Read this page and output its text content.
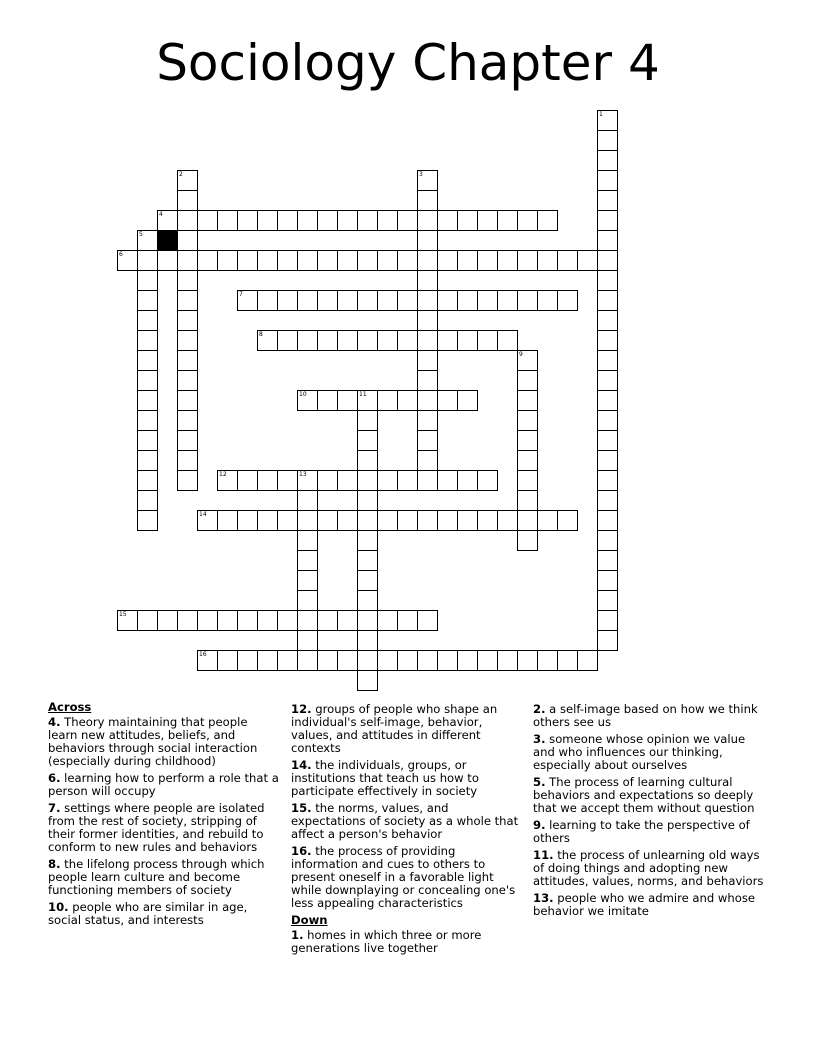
Sociology Chapter 4
1
2	3
4
5
6
7
8
9
10	11
12	13
14
15
16
Across
4. Theory maintaining that people learn new attitudes, beliefs, and behaviors through social interaction (especially during childhood)
6. learning how to perform a role that a person will occupy
7. settings where people are isolated from the rest of society, stripping of their former identities, and rebuild to conform to new rules and behaviors
8. the lifelong process through which people learn culture and become functioning members of society
10. people who are similar in age, social status, and interests
12. groups of people who shape an individual's self-image, behavior, values, and attitudes in different contexts
14. the individuals, groups, or institutions that teach us how to participate effectively in society
15. the norms, values, and expectations of society as a whole that affect a person's behavior
16. the process of providing information and cues to others to present oneself in a favorable light while downplaying or concealing one's less appealing characteristics
Down
1. homes in which three or more generations live together
2. a self-image based on how we think others see us
3. someone whose opinion we value and who influences our thinking, especially about ourselves
5. The process of learning cultural behaviors and expectations so deeply that we accept them without question
9. learning to take the perspective of others
11. the process of unlearning old ways of doing things and adopting new attitudes, values, norms, and behaviors
13. people who we admire and whose behavior we imitate
